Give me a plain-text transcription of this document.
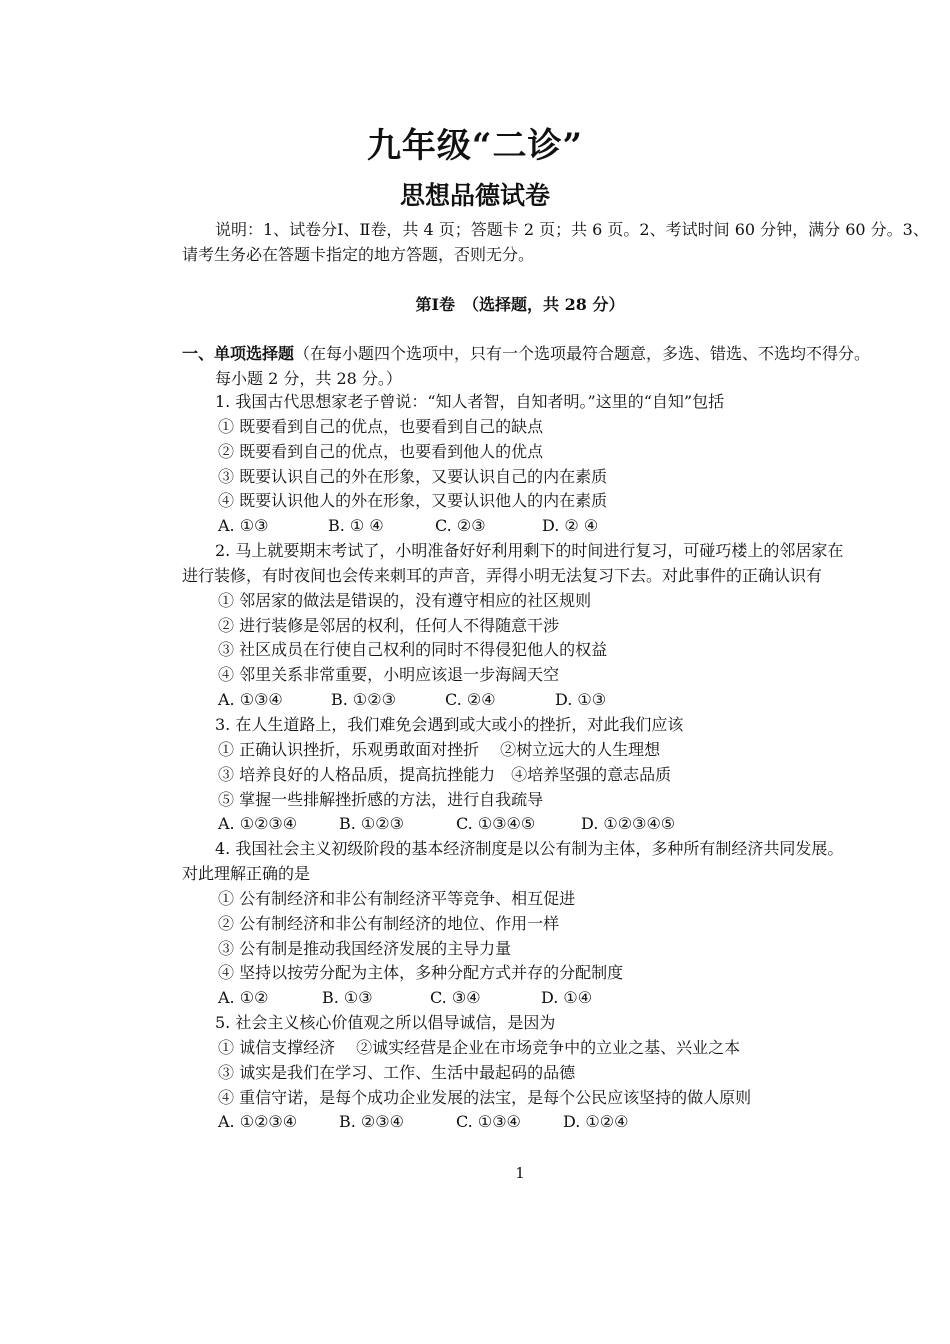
九年级“二诊”
思想品德试卷
说明：1、试卷分Ⅰ、Ⅱ卷，共 4 页；答题卡 2 页；共 6 页。2、考试时间 60 分钟，满分 60 分。3、
请考生务必在答题卡指定的地方答题，否则无分。
第Ⅰ卷　（选择题，共 28 分）
一、单项选择题（在每小题四个选项中，只有一个选项最符合题意，多选、错选、不选均不得分。
每小题 2 分，共 28 分。）
1. 我国古代思想家老子曾说：“知人者智，自知者明。”这里的“自知”包括
① 既要看到自己的优点，也要看到自己的缺点
② 既要看到自己的优点，也要看到他人的优点
③ 既要认识自己的外在形象，又要认识自己的内在素质
④ 既要认识他人的外在形象，又要认识他人的内在素质
A. ①③	B. ① ④	C. ②③	D. ② ④
2. 马上就要期末考试了，小明准备好好利用剩下的时间进行复习，可碰巧楼上的邻居家在
进行装修，有时夜间也会传来刺耳的声音，弄得小明无法复习下去。对此事件的正确认识有
① 邻居家的做法是错误的，没有遵守相应的社区规则
② 进行装修是邻居的权利，任何人不得随意干涉
③ 社区成员在行使自己权利的同时不得侵犯他人的权益
④ 邻里关系非常重要，小明应该退一步海阔天空
A. ①③④	B. ①②③	C. ②④	D. ①③
3. 在人生道路上，我们难免会遇到或大或小的挫折，对此我们应该
① 正确认识挫折，乐观勇敢面对挫折　 ②树立远大的人生理想
③ 培养良好的人格品质，提高抗挫能力　④培养坚强的意志品质
⑤ 掌握一些排解挫折感的方法，进行自我疏导
A. ①②③④	B. ①②③	C. ①③④⑤	D. ①②③④⑤
4. 我国社会主义初级阶段的基本经济制度是以公有制为主体，多种所有制经济共同发展。
对此理解正确的是
① 公有制经济和非公有制经济平等竞争、相互促进
② 公有制经济和非公有制经济的地位、作用一样
③ 公有制是推动我国经济发展的主导力量
④ 坚持以按劳分配为主体，多种分配方式并存的分配制度
A. ①②	B. ①③	C. ③④	D. ①④
5. 社会主义核心价值观之所以倡导诚信，是因为
① 诚信支撑经济　 ②诚实经营是企业在市场竞争中的立业之基、兴业之本
③ 诚实是我们在学习、工作、生活中最起码的品德
④ 重信守诺，是每个成功企业发展的法宝，是每个公民应该坚持的做人原则
A. ①②③④	B. ②③④	C. ①③④	D. ①②④
1
